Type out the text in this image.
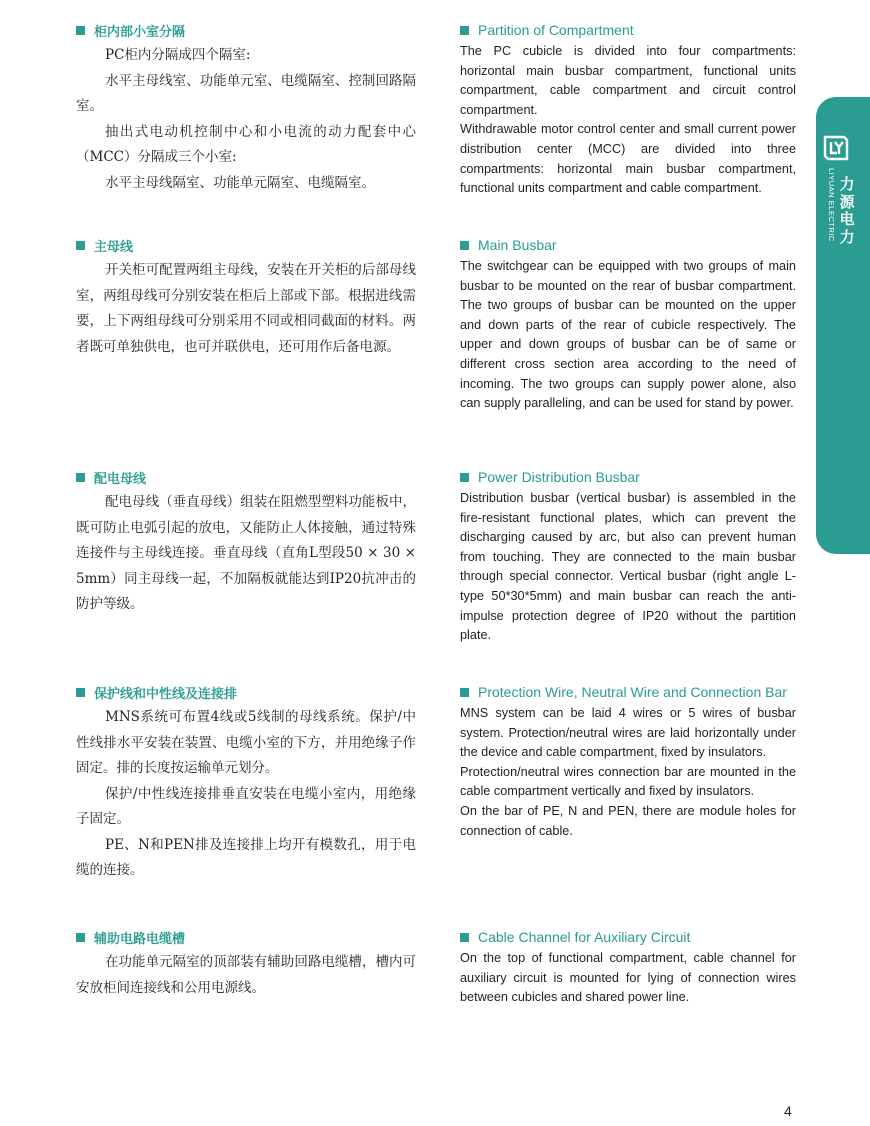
柜内部小室分隔

PC柜内分隔成四个隔室:

水平主母线室、功能单元室、电缆隔室、控制回路隔室。

抽出式电动机控制中心和小电流的动力配套中心（MCC）分隔成三个小室:

水平主母线隔室、功能单元隔室、电缆隔室。

Partition of Compartment

The PC cubicle is divided into four compartments: horizontal main busbar compartment, functional units compartment, cable compartment and circuit control compartment.

Withdrawable motor control center and small current power distribution center (MCC) are divided into three compartments: horizontal main busbar compartment, functional units compartment and cable compartment.

主母线

开关柜可配置两组主母线，安装在开关柜的后部母线室，两组母线可分别安装在柜后上部或下部。根据进线需要，上下两组母线可分别采用不同或相同截面的材料。两者既可单独供电，也可并联供电，还可用作后备电源。

Main Busbar

The switchgear can be equipped with two groups of main busbar to be mounted on the rear of busbar compartment. The two groups of busbar can be mounted on the upper and down parts of the rear of cubicle respectively. The upper and down groups of busbar can be of same or different cross section area according to the need of incoming. The two groups can supply power alone, also can supply paralleling, and can be used for stand by power.

配电母线

配电母线（垂直母线）组装在阻燃型塑料功能板中，既可防止电弧引起的放电，又能防止人体接触，通过特殊连接件与主母线连接。垂直母线（直角L型段50 × 30 × 5mm）同主母线一起，不加隔板就能达到IP20抗冲击的防护等级。

Power Distribution Busbar

Distribution busbar (vertical busbar) is assembled in the fire-resistant functional plates, which can prevent the discharging caused by arc, but also can prevent human from touching. They are connected to the main busbar through special connector. Vertical busbar (right angle L-type 50*30*5mm) and main busbar can reach the anti-impulse protection degree of IP20 without the partition plate.

保护线和中性线及连接排

MNS系统可布置4线或5线制的母线系统。保护/中性线排水平安装在装置、电缆小室的下方，并用绝缘子作固定。排的长度按运输单元划分。

保护/中性线连接排垂直安装在电缆小室内，用绝缘子固定。

PE、N和PEN排及连接排上均开有模数孔，用于电缆的连接。

Protection Wire, Neutral Wire and Connection Bar

MNS system can be laid 4 wires or 5 wires of busbar system. Protection/neutral wires are laid horizontally under the device and cable compartment, fixed by insulators.

Protection/neutral wires connection bar are mounted in the cable compartment vertically and fixed by insulators.

On the bar of PE, N and PEN, there are module holes for connection of cable.

辅助电路电缆槽

在功能单元隔室的顶部装有辅助回路电缆槽，槽内可安放柜间连接线和公用电源线。

Cable Channel for Auxiliary Circuit

On the top of functional compartment, cable channel for auxiliary circuit is mounted for lying of connection wires between cubicles and shared power line.

LIYUAN ELECTRIC 力源电力
4
